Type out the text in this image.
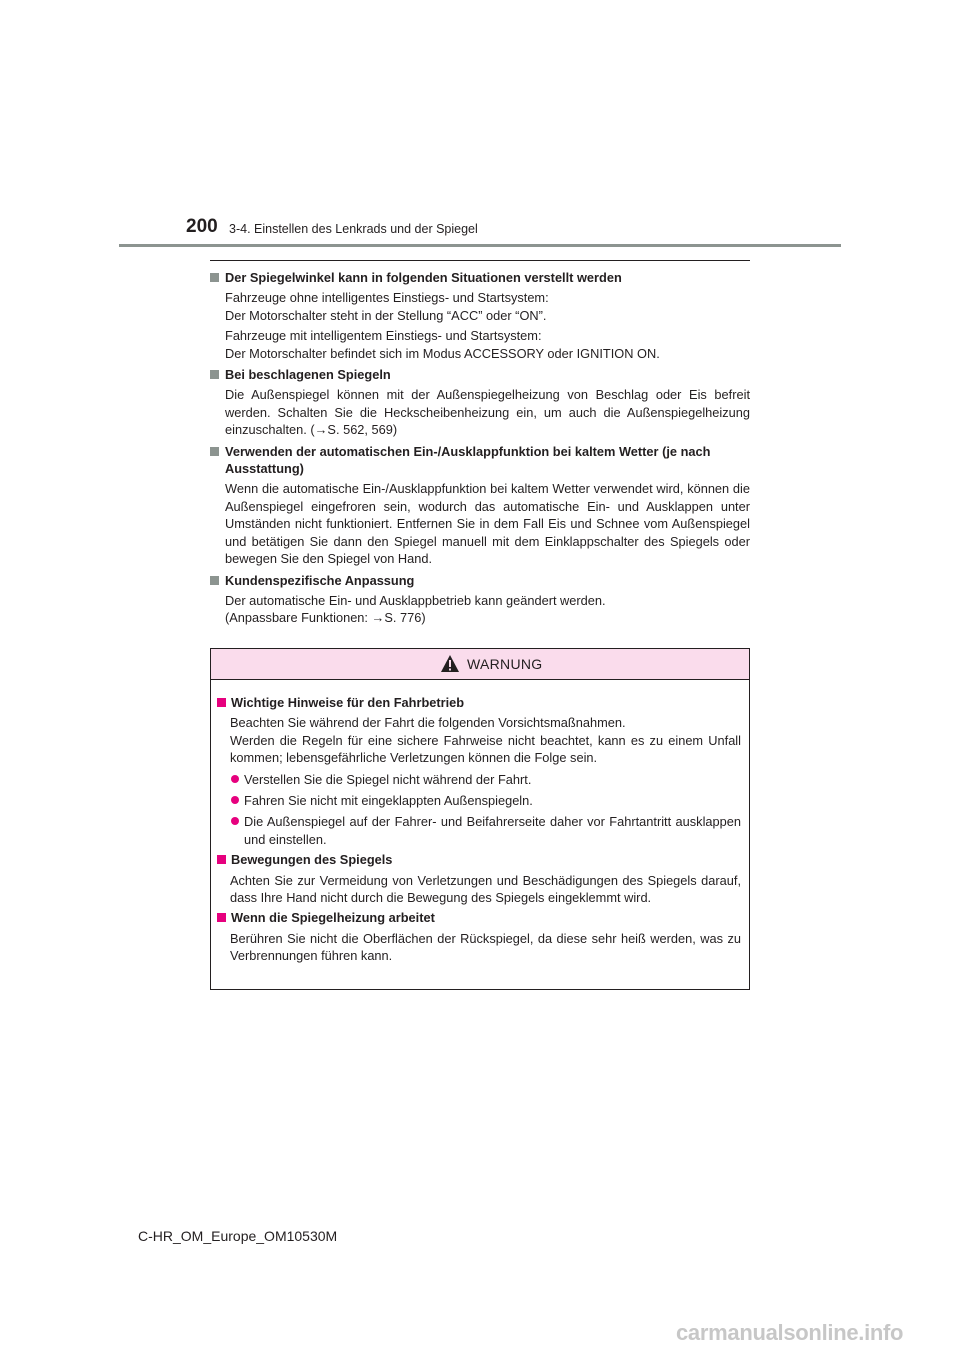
200 3-4. Einstellen des Lenkrads und der Spiegel
Der Spiegelwinkel kann in folgenden Situationen verstellt werden

Fahrzeuge ohne intelligentes Einstiegs- und Startsystem:
Der Motorschalter steht in der Stellung “ACC” oder “ON”.

Fahrzeuge mit intelligentem Einstiegs- und Startsystem:
Der Motorschalter befindet sich im Modus ACCESSORY oder IGNITION ON.

Bei beschlagenen Spiegeln

Die Außenspiegel können mit der Außenspiegelheizung von Beschlag oder Eis befreit werden. Schalten Sie die Heckscheibenheizung ein, um auch die Außenspiegelheizung einzuschalten. (→S. 562, 569)

Verwenden der automatischen Ein-/Ausklappfunktion bei kaltem Wetter (je nach Ausstattung)

Wenn die automatische Ein-/Ausklappfunktion bei kaltem Wetter verwendet wird, können die Außenspiegel eingefroren sein, wodurch das automatische Ein- und Ausklappen unter Umständen nicht funktioniert. Entfernen Sie in dem Fall Eis und Schnee vom Außenspiegel und betätigen Sie dann den Spiegel manuell mit dem Einklappschalter des Spiegels oder bewegen Sie den Spiegel von Hand.

Kundenspezifische Anpassung

Der automatische Ein- und Ausklappbetrieb kann geändert werden.
(Anpassbare Funktionen: →S. 776)

WARNUNG
Wichtige Hinweise für den Fahrbetrieb

Beachten Sie während der Fahrt die folgenden Vorsichtsmaßnahmen.
Werden die Regeln für eine sichere Fahrweise nicht beachtet, kann es zu einem Unfall kommen; lebensgefährliche Verletzungen können die Folge sein.

Verstellen Sie die Spiegel nicht während der Fahrt.
Fahren Sie nicht mit eingeklappten Außenspiegeln.
Die Außenspiegel auf der Fahrer- und Beifahrerseite daher vor Fahrtantritt ausklappen und einstellen.
Bewegungen des Spiegels

Achten Sie zur Vermeidung von Verletzungen und Beschädigungen des Spiegels darauf, dass Ihre Hand nicht durch die Bewegung des Spiegels eingeklemmt wird.

Wenn die Spiegelheizung arbeitet

Berühren Sie nicht die Oberflächen der Rückspiegel, da diese sehr heiß werden, was zu Verbrennungen führen kann.

C-HR_OM_Europe_OM10530M
carmanualsonline.info
